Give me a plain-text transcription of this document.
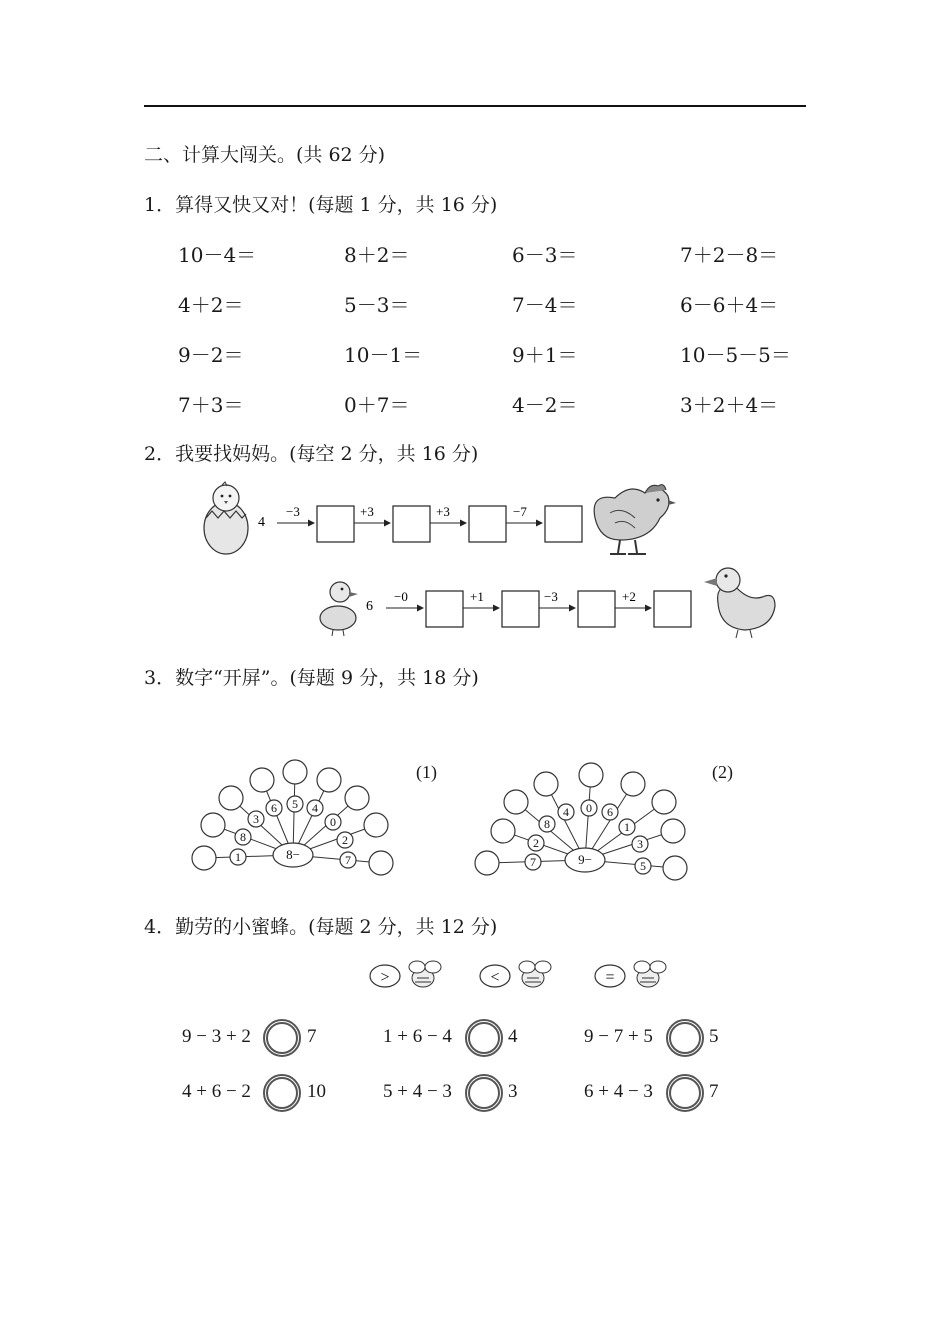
二、计算大闯关。(共 62 分)
1．算得又快又对！(每题 1 分，共 16 分)
10－4＝	8＋2＝	6－3＝	7＋2－8＝
4＋2＝	5－3＝	7－4＝	6－6＋4＝
9－2＝	10－1＝	9＋1＝	10－5－5＝
7＋3＝	0＋7＝	4－2＝	3＋2＋4＝
2．我要找妈妈。(每空 2 分，共 16 分)
4
−3	+3	+3	−7
6
−0	+1	−3	+2
3．数字“开屏”。(每题 9 分，共 18 分)
(1)	(2)
1
8
3
6 5 4
0
2
7
8−	7
2
8
4 0 6
1
3
5
9−
4．勤劳的小蜜蜂。(每题 2 分，共 12 分)
>	<	=
9 − 3 + 2	7	1 + 6 − 4	4	9 − 7 + 5	5
4 + 6 − 2	10	5 + 4 − 3	3	6 + 4 − 3	7
